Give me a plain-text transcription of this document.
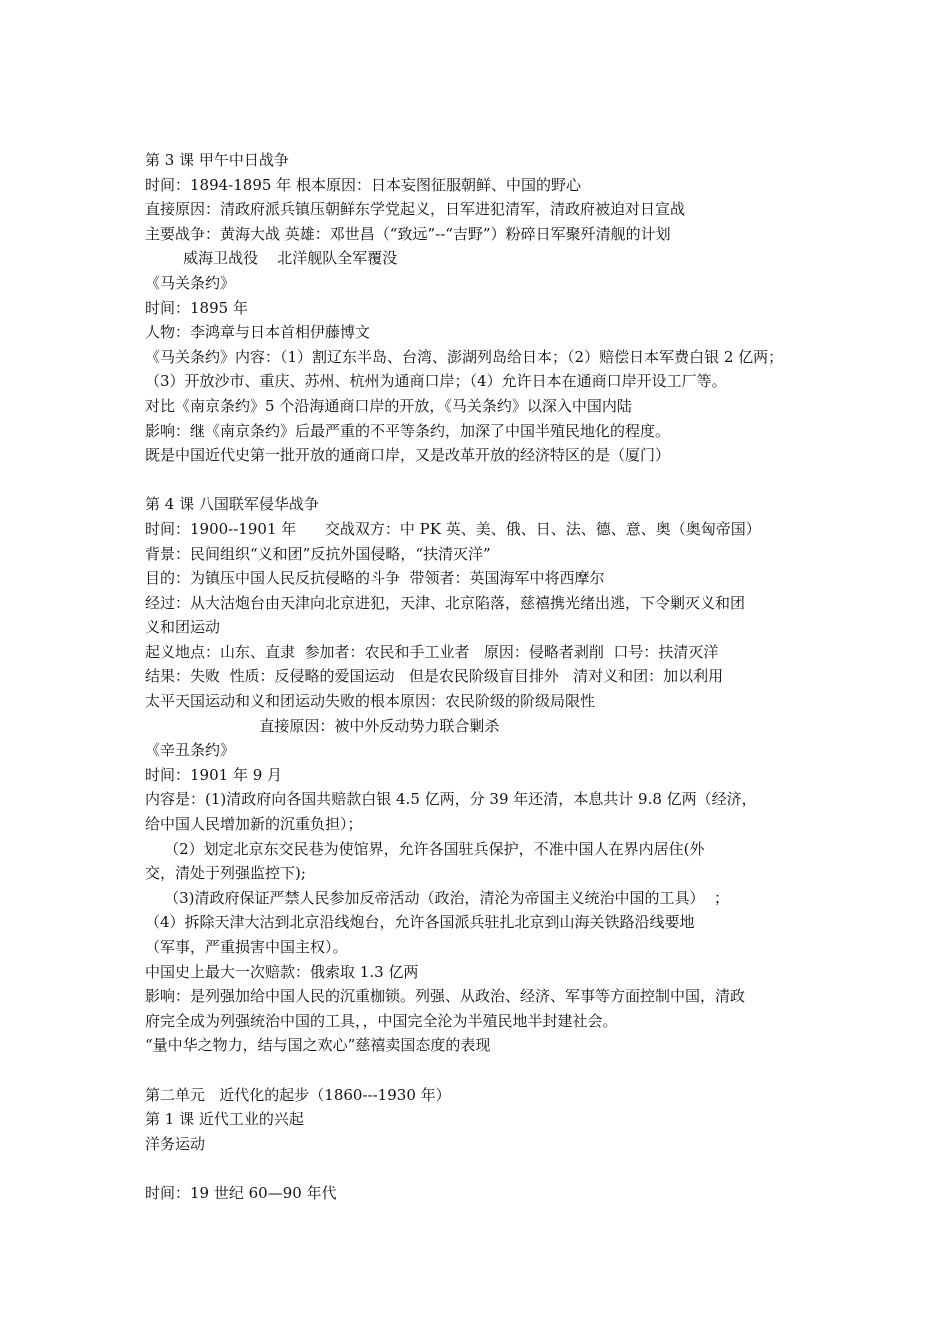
第 3 课 甲午中日战争
时间：1894-1895 年 根本原因：日本妄图征服朝鲜、中国的野心
直接原因：清政府派兵镇压朝鲜东学党起义，日军进犯清军，清政府被迫对日宣战
主要战争：黄海大战 英雄：邓世昌（“致远”--“吉野”）粉碎日军聚歼清舰的计划
威海卫战役    北洋舰队全军覆没
《马关条约》
时间：1895 年
人物：李鸿章与日本首相伊藤博文
《马关条约》内容：（1）割辽东半岛、台湾、澎湖列岛给日本；（2）赔偿日本军费白银 2 亿两；
（3）开放沙市、重庆、苏州、杭州为通商口岸；（4）允许日本在通商口岸开设工厂等。
对比《南京条约》5 个沿海通商口岸的开放，《马关条约》以深入中国内陆
影响：继《南京条约》后最严重的不平等条约，加深了中国半殖民地化的程度。
既是中国近代史第一批开放的通商口岸，又是改革开放的经济特区的是（厦门）
第 4 课 八国联军侵华战争
时间：1900--1901 年      交战双方：中 PK 英、美、俄、日、法、德、意、奥（奥匈帝国）
背景：民间组织“义和团”反抗外国侵略，“扶清灭洋”
目的：为镇压中国人民反抗侵略的斗争  带领者：英国海军中将西摩尔
经过：从大沽炮台由天津向北京进犯，天津、北京陷落，慈禧携光绪出逃，下令剿灭义和团
义和团运动
起义地点：山东、直隶  参加者：农民和手工业者   原因：侵略者剥削  口号：扶清灭洋
结果：失败  性质：反侵略的爱国运动   但是农民阶级盲目排外   清对义和团：加以利用
太平天国运动和义和团运动失败的根本原因：农民阶级的阶级局限性
直接原因：被中外反动势力联合剿杀
《辛丑条约》
时间：1901 年 9 月
内容是：(1)清政府向各国共赔款白银 4.5 亿两，分 39 年还清，本息共计 9.8 亿两（经济，
给中国人民增加新的沉重负担）；
（2）划定北京东交民巷为使馆界，允许各国驻兵保护，不准中国人在界内居住(外
交，清处于列强监控下);
（3)清政府保证严禁人民参加反帝活动（政治，清沦为帝国主义统治中国的工具）  ；
（4）拆除天津大沽到北京沿线炮台，允许各国派兵驻扎北京到山海关铁路沿线要地
（军事，严重损害中国主权）。
中国史上最大一次赔款：俄索取 1.3 亿两
影响：是列强加给中国人民的沉重枷锁。列强、从政治、经济、军事等方面控制中国，清政
府完全成为列强统治中国的工具，，中国完全沦为半殖民地半封建社会。
“量中华之物力，结与国之欢心”慈禧卖国态度的表现
第二单元   近代化的起步（1860---1930 年）
第 1 课 近代工业的兴起
洋务运动
时间：19 世纪 60—90 年代
